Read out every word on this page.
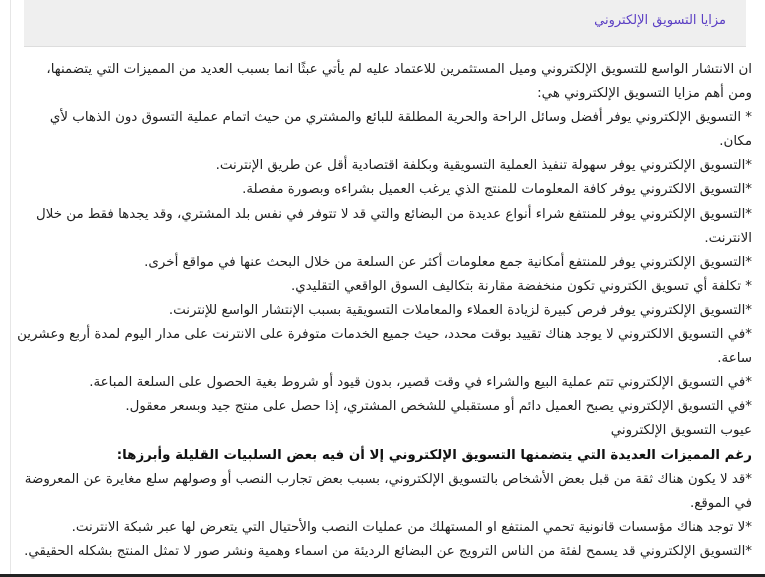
مزايا التسويق الإلكتروني

ان الانتشار الواسع للتسويق الإلكتروني وميل المستثمرين للاعتماد عليه لم يأتي عبثًا انما بسبب العديد من المميزات التي يتضمنها،

ومن أهم مزايا التسويق الإلكتروني هي:

* التسويق الإلكتروني يوفر أفضل وسائل الراحة والحرية المطلقة للبائع والمشتري من حيث اتمام عملية التسوق دون الذهاب لأي مكان.

*التسويق الإلكتروني يوفر سهولة تنفيذ العملية التسويقية وبكلفة اقتصادية أقل عن طريق الإنترنت.

*التسويق الالكتروني يوفر كافة المعلومات للمنتج الذي يرغب العميل بشراءه وبصورة مفصلة.

*التسويق الإلكتروني يوفر للمنتفع شراء أنواع عديدة من البضائع والتي قد لا تتوفر في نفس بلد المشتري، وقد يجدها فقط من خلال الانترنت.

*التسويق الإلكتروني يوفر للمنتفع أمكانية جمع معلومات أكثر عن السلعة من خلال البحث عنها في مواقع أخرى.

* تكلفة أي تسويق الكتروني تكون منخفضة مقارنة بتكاليف السوق الواقعي التقليدي.

*التسويق الإلكتروني يوفر فرص كبيرة لزيادة العملاء والمعاملات التسويقية بسبب الإنتشار الواسع للإنترنت.

*في التسويق الالكتروني لا يوجد هناك تقييد بوقت محدد، حيث جميع الخدمات متوفرة على الانترنت على مدار اليوم لمدة أربع وعشرين ساعة.

*في التسويق الإلكتروني تتم عملية البيع والشراء في وقت قصير، بدون قيود أو شروط بغية الحصول على السلعة المباعة.

*في التسويق الإلكتروني يصبح العميل دائم أو مستقبلي للشخص المشتري، إذا حصل على منتج جيد وبسعر معقول.

عيوب التسويق الإلكتروني

رغم المميزات العديدة التي يتضمنها التسويق الإلكتروني إلا أن فيه بعض السلبيات القليلة وأبرزها:

*قد لا يكون هناك ثقة من قبل بعض الأشخاص بالتسويق الإلكتروني، بسبب بعض تجارب النصب أو وصولهم سلع مغايرة عن المعروضة في الموقع.

*لا توجد هناك مؤسسات قانونية تحمي المنتفع او المستهلك من عمليات النصب والأحتيال التي يتعرض لها عبر شبكة الانترنت.

*التسويق الإلكتروني قد يسمح لفئة من الناس الترويج عن البضائع الرديئة من اسماء وهمية ونشر صور لا تمثل المنتج بشكله الحقيقي.
